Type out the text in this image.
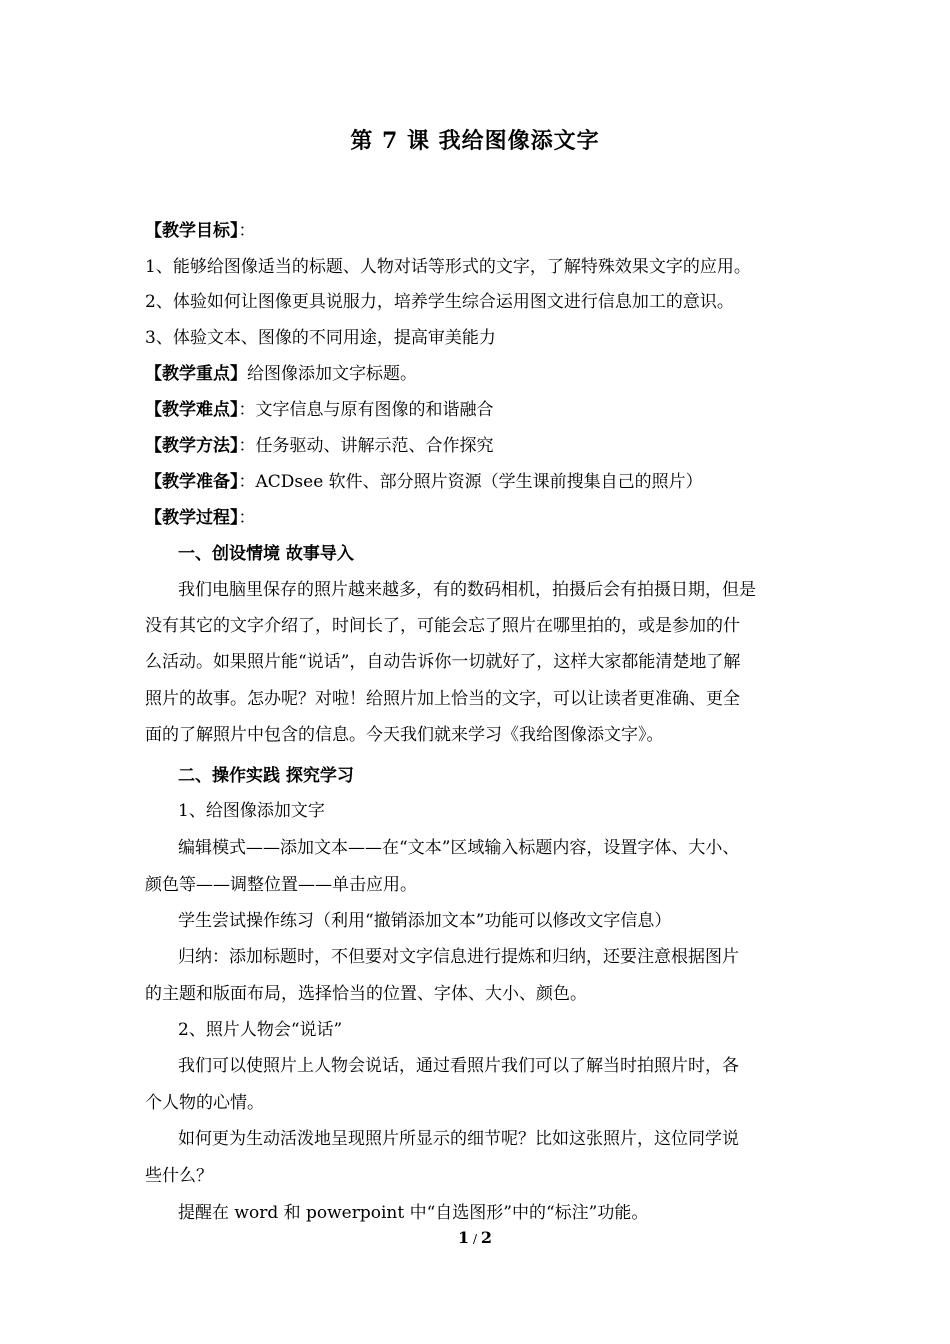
第 7 课 我给图像添文字
【教学目标】：
1、能够给图像适当的标题、人物对话等形式的文字，了解特殊效果文字的应用。
2、体验如何让图像更具说服力，培养学生综合运用图文进行信息加工的意识。
3、体验文本、图像的不同用途，提高审美能力
【教学重点】给图像添加文字标题。
【教学难点】：文字信息与原有图像的和谐融合
【教学方法】：任务驱动、讲解示范、合作探究
【教学准备】：ACDsee 软件、部分照片资源（学生课前搜集自己的照片）
【教学过程】：
一、创设情境 故事导入
我们电脑里保存的照片越来越多，有的数码相机，拍摄后会有拍摄日期，但是
没有其它的文字介绍了，时间长了，可能会忘了照片在哪里拍的，或是参加的什
么活动。如果照片能“说话”，自动告诉你一切就好了，这样大家都能清楚地了解
照片的故事。怎办呢？对啦！给照片加上恰当的文字，可以让读者更准确、更全
面的了解照片中包含的信息。今天我们就来学习《我给图像添文字》。
二、操作实践 探究学习
1、给图像添加文字
编辑模式——添加文本——在“文本”区域输入标题内容，设置字体、大小、
颜色等——调整位置——单击应用。
学生尝试操作练习（利用“撤销添加文本”功能可以修改文字信息）
归纳：添加标题时，不但要对文字信息进行提炼和归纳，还要注意根据图片
的主题和版面布局，选择恰当的位置、字体、大小、颜色。
2、照片人物会“说话”
我们可以使照片上人物会说话，通过看照片我们可以了解当时拍照片时，各
个人物的心情。
如何更为生动活泼地呈现照片所显示的细节呢？比如这张照片，这位同学说
些什么？
提醒在 word 和 powerpoint 中“自选图形”中的“标注”功能。
1 / 2
